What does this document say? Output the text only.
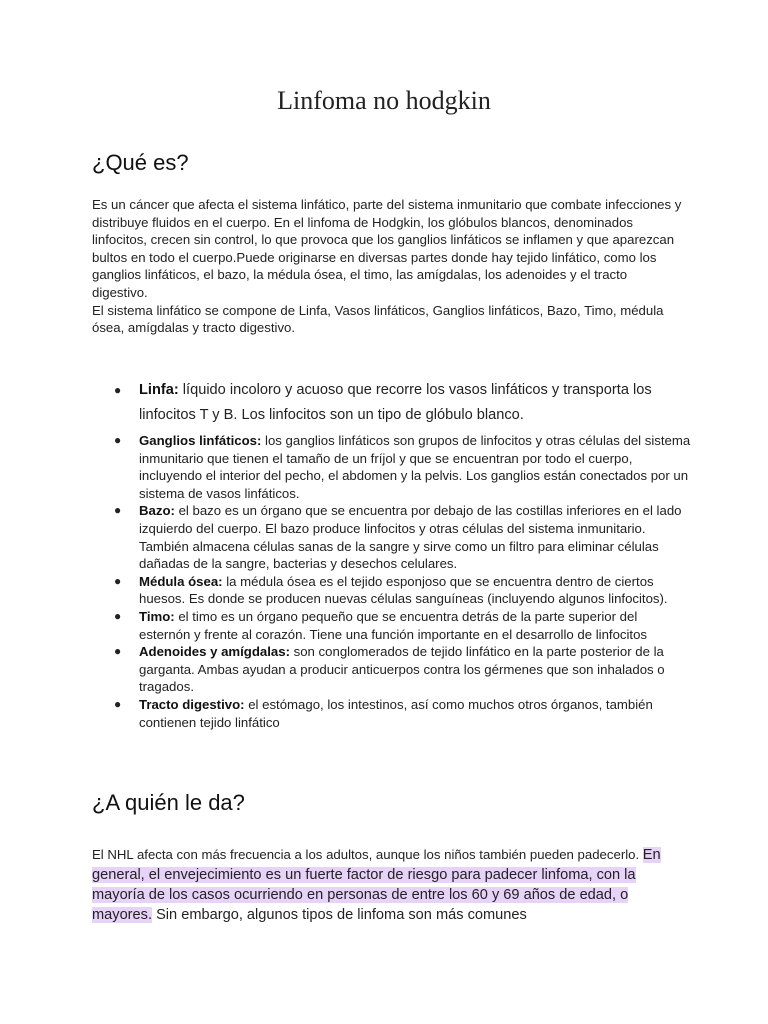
Linfoma no hodgkin
¿Qué es?
Es un cáncer que afecta el sistema linfático, parte del sistema inmunitario que combate infecciones y distribuye fluidos en el cuerpo. En el linfoma de Hodgkin, los glóbulos blancos, denominados linfocitos, crecen sin control, lo que provoca que los ganglios linfáticos se inflamen y que aparezcan bultos en todo el cuerpo.Puede originarse en diversas partes donde hay tejido linfático, como los ganglios linfáticos, el bazo, la médula ósea, el timo, las amígdalas, los adenoides y el tracto digestivo.
El sistema linfático se compone de Linfa, Vasos linfáticos, Ganglios linfáticos, Bazo, Timo, médula ósea, amígdalas y tracto digestivo.
● Linfa: líquido incoloro y acuoso que recorre los vasos linfáticos y transporta los linfocitos T y B. Los linfocitos son un tipo de glóbulo blanco.
● Ganglios linfáticos: los ganglios linfáticos son grupos de linfocitos y otras células del sistema inmunitario que tienen el tamaño de un fríjol y que se encuentran por todo el cuerpo, incluyendo el interior del pecho, el abdomen y la pelvis. Los ganglios están conectados por un sistema de vasos linfáticos.
● Bazo: el bazo es un órgano que se encuentra por debajo de las costillas inferiores en el lado izquierdo del cuerpo. El bazo produce linfocitos y otras células del sistema inmunitario. También almacena células sanas de la sangre y sirve como un filtro para eliminar células dañadas de la sangre, bacterias y desechos celulares.
● Médula ósea: la médula ósea es el tejido esponjoso que se encuentra dentro de ciertos huesos. Es donde se producen nuevas células sanguíneas (incluyendo algunos linfocitos).
● Timo: el timo es un órgano pequeño que se encuentra detrás de la parte superior del esternón y frente al corazón. Tiene una función importante en el desarrollo de linfocitos
● Adenoides y amígdalas: son conglomerados de tejido linfático en la parte posterior de la garganta. Ambas ayudan a producir anticuerpos contra los gérmenes que son inhalados o tragados.
● Tracto digestivo: el estómago, los intestinos, así como muchos otros órganos, también contienen tejido linfático
¿A quién le da?

El NHL afecta con más frecuencia a los adultos, aunque los niños también pueden padecerlo. En general, el envejecimiento es un fuerte factor de riesgo para padecer linfoma, con la mayoría de los casos ocurriendo en personas de entre los 60 y 69 años de edad, o mayores. Sin embargo, algunos tipos de linfoma son más comunes
